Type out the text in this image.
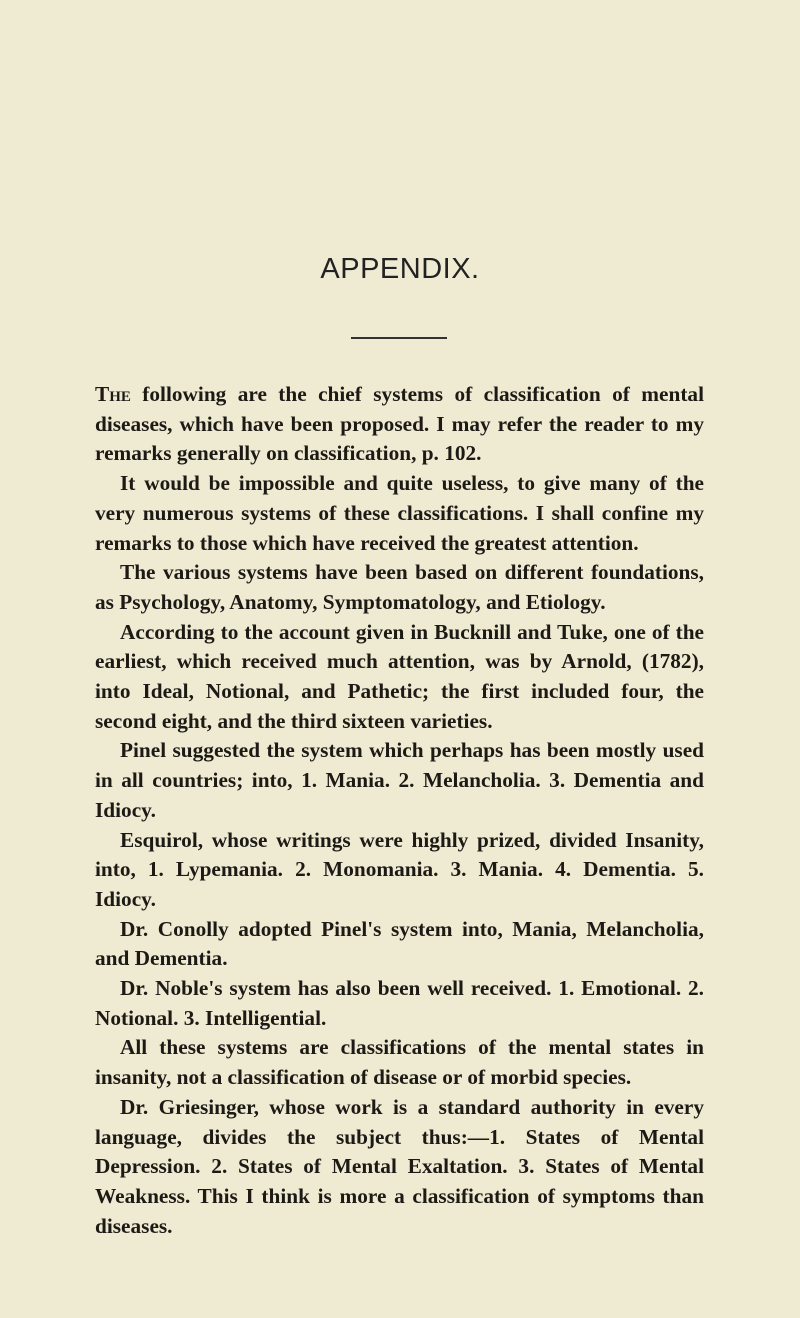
APPENDIX.

The following are the chief systems of classification of mental diseases, which have been proposed. I may refer the reader to my remarks generally on classification, p. 102.

It would be impossible and quite useless, to give many of the very numerous systems of these classifications. I shall confine my remarks to those which have received the greatest attention.

The various systems have been based on different foundations, as Psychology, Anatomy, Symptomatology, and Etiology.

According to the account given in Bucknill and Tuke, one of the earliest, which received much attention, was by Arnold, (1782), into Ideal, Notional, and Pathetic; the first included four, the second eight, and the third sixteen varieties.

Pinel suggested the system which perhaps has been mostly used in all countries; into, 1. Mania. 2. Melancholia. 3. Dementia and Idiocy.

Esquirol, whose writings were highly prized, divided Insanity, into, 1. Lypemania. 2. Monomania. 3. Mania. 4. Dementia. 5. Idiocy.

Dr. Conolly adopted Pinel's system into, Mania, Melancholia, and Dementia.

Dr. Noble's system has also been well received. 1. Emotional. 2. Notional. 3. Intelligential.

All these systems are classifications of the mental states in insanity, not a classification of disease or of morbid species.

Dr. Griesinger, whose work is a standard authority in every language, divides the subject thus:—1. States of Mental Depression. 2. States of Mental Exaltation. 3. States of Mental Weakness. This I think is more a classification of symptoms than diseases.
